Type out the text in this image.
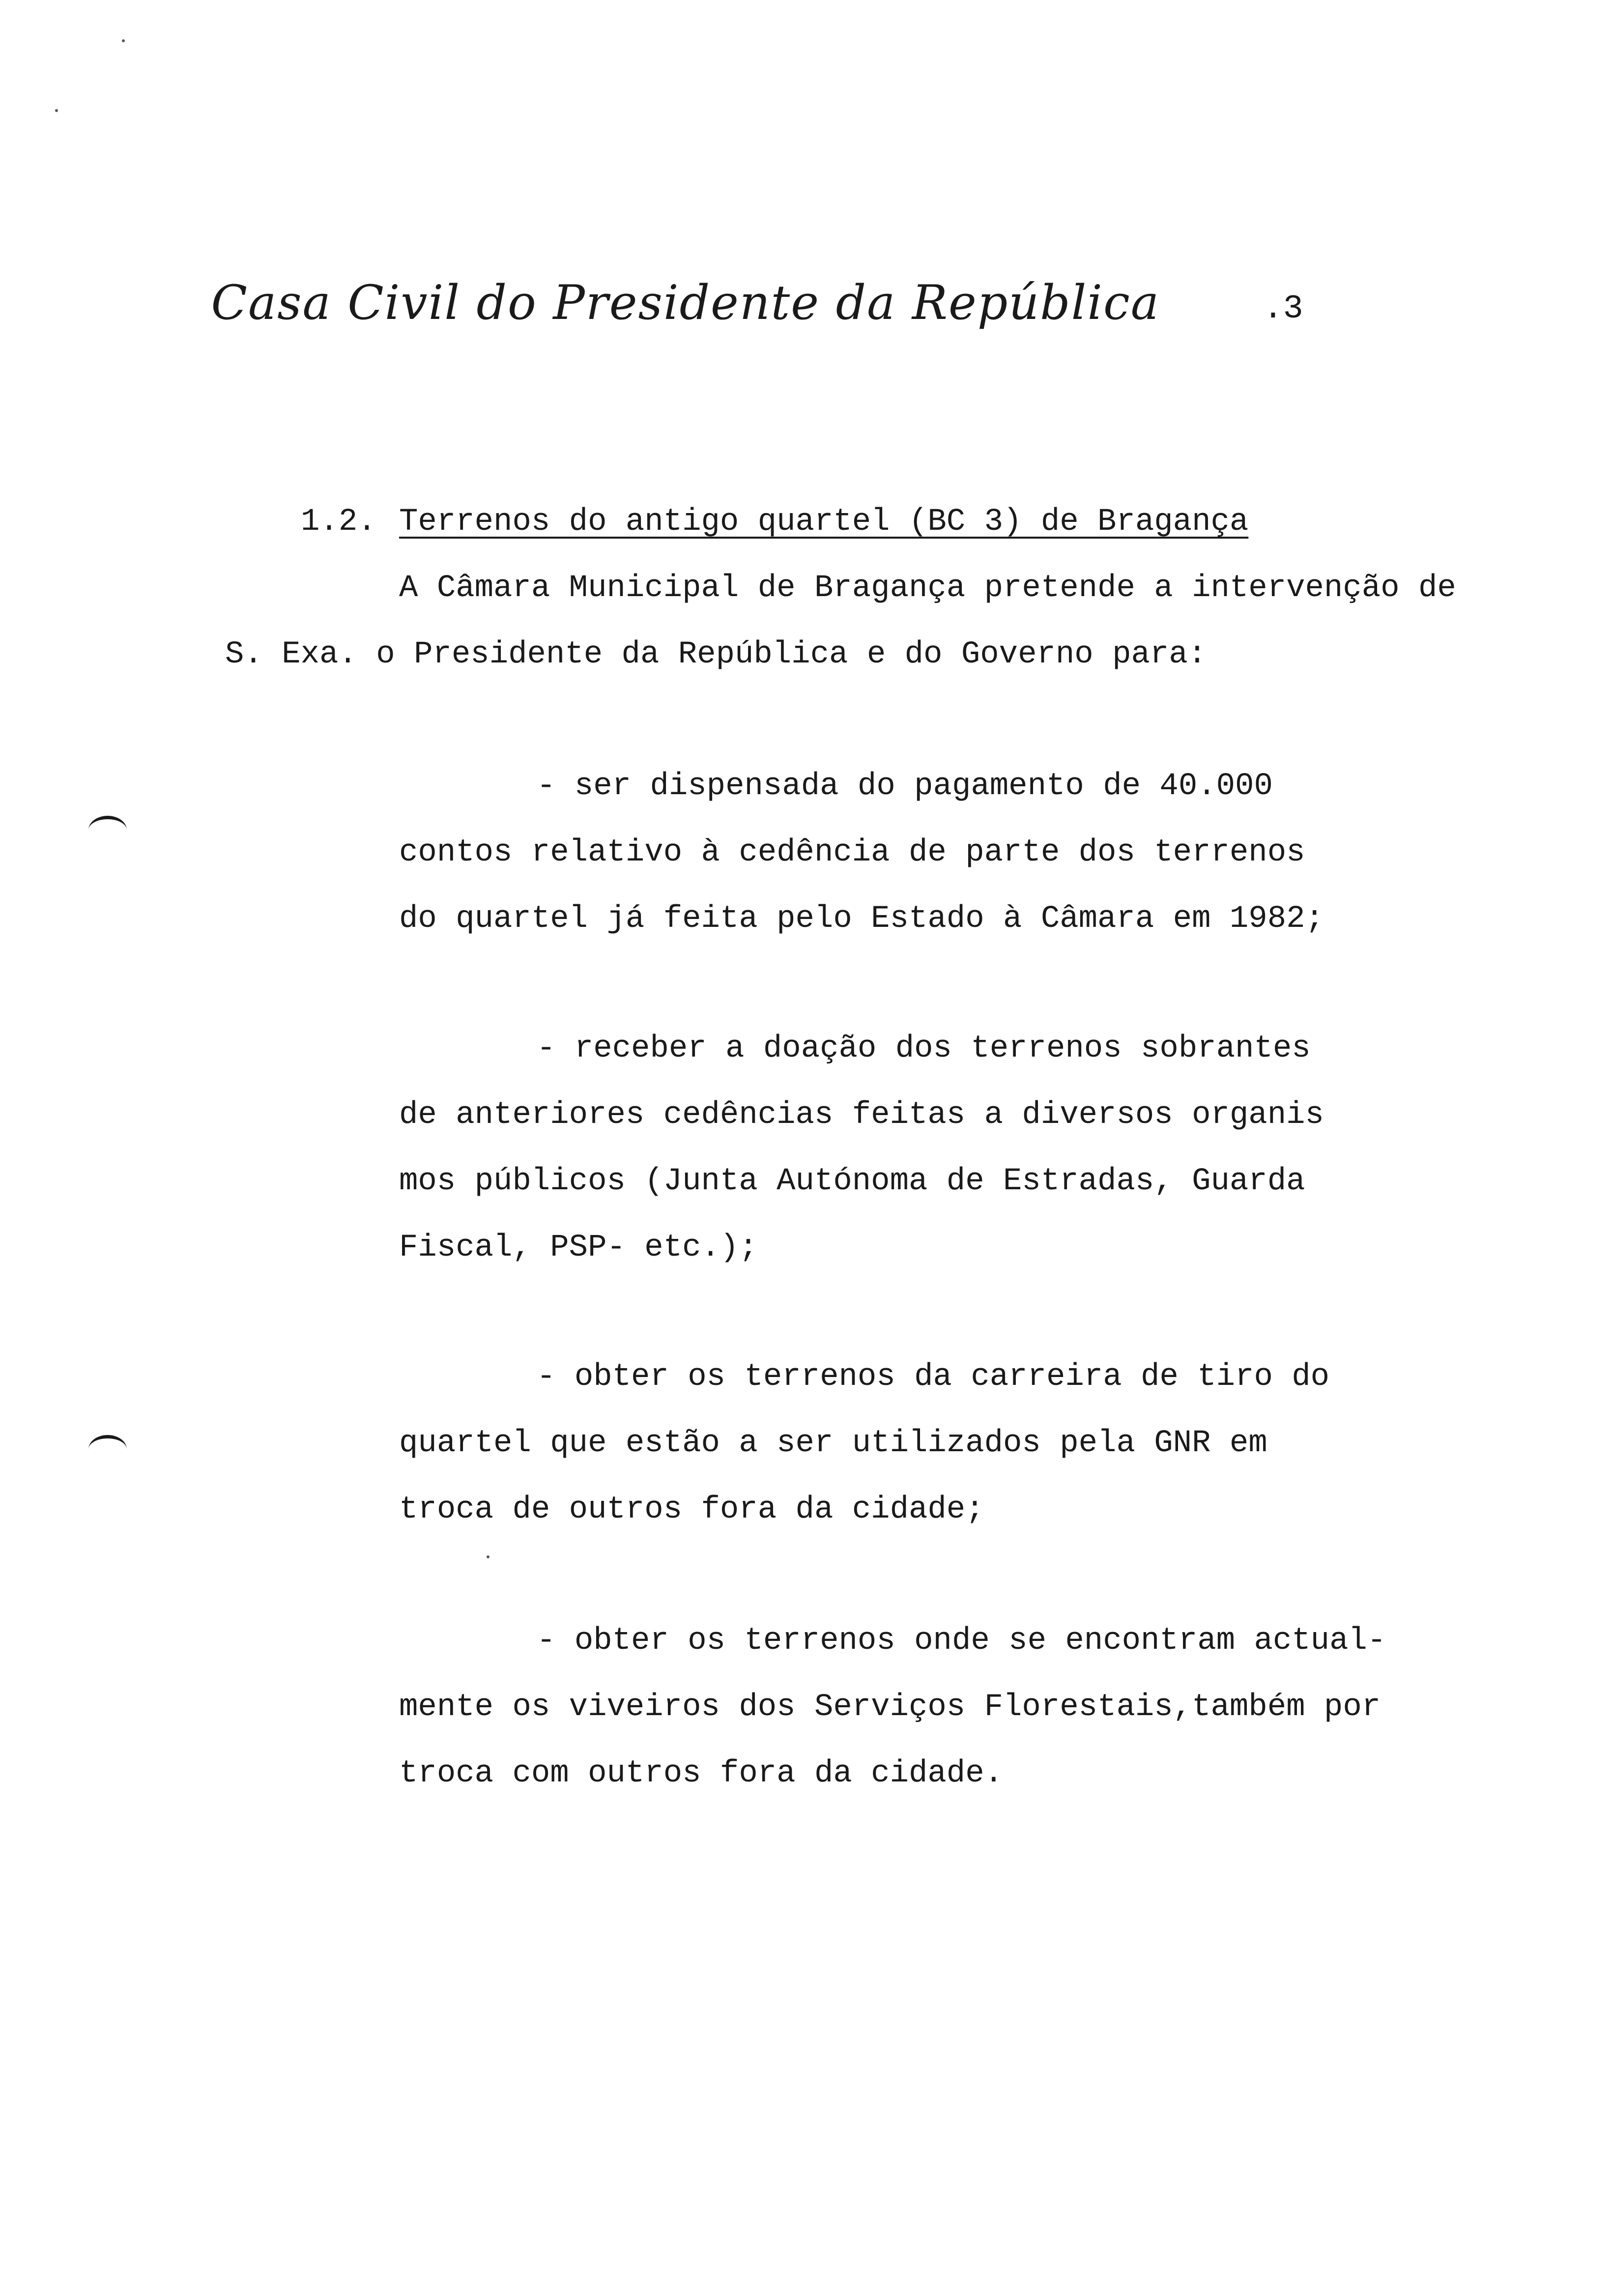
Casa Civil do Presidente da República	.3
1.2. Terrenos do antigo quartel (BC 3) de Bragança
A Câmara Municipal de Bragança pretende a intervenção de
S. Exa. o Presidente da República e do Governo para:
- ser dispensada do pagamento de 40.000
contos relativo à cedência de parte dos terrenos
do quartel já feita pelo Estado à Câmara em 1982;
- receber a doação dos terrenos sobrantes
de anteriores cedências feitas a diversos organis
mos públicos (Junta Autónoma de Estradas, Guarda
Fiscal, PSP- etc.);
- obter os terrenos da carreira de tiro do
quartel que estão a ser utilizados pela GNR em
troca de outros fora da cidade;
- obter os terrenos onde se encontram actual-
mente os viveiros dos Serviços Florestais,também por
troca com outros fora da cidade.
